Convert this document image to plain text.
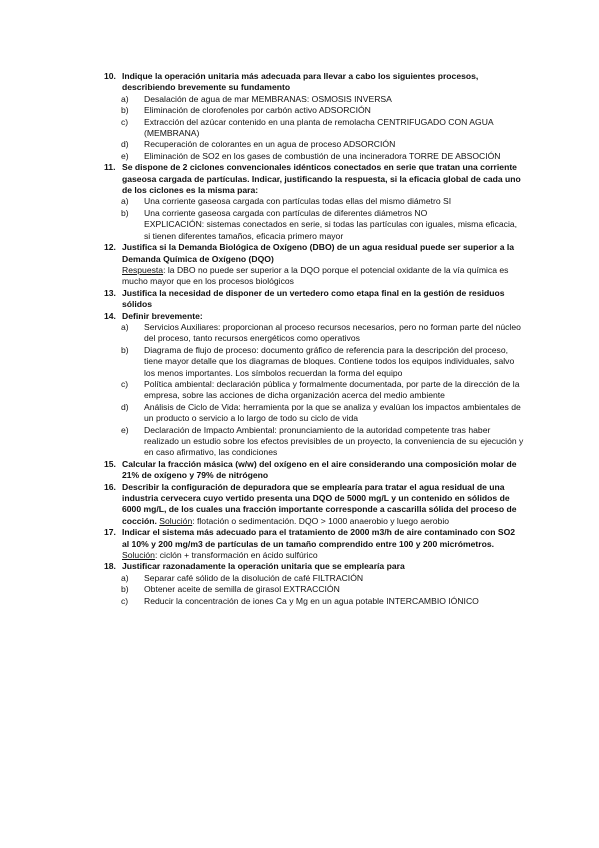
10. Indique la operación unitaria más adecuada para llevar a cabo los siguientes procesos, describiendo brevemente su fundamento
a) Desalación de agua de mar MEMBRANAS: OSMOSIS INVERSA
b) Eliminación de clorofenoles por carbón activo ADSORCIÓN
c) Extracción del azúcar contenido en una planta de remolacha CENTRIFUGADO CON AGUA (MEMBRANA)
d) Recuperación de colorantes en un agua de proceso ADSORCIÓN
e) Eliminación de SO2 en los gases de combustión de una incineradora TORRE DE ABSOCIÓN
11. Se dispone de 2 ciclones convencionales idénticos conectados en serie que tratan una corriente gaseosa cargada de partículas. Indicar, justificando la respuesta, si la eficacia global de cada uno de los ciclones es la misma para:
a) Una corriente gaseosa cargada con partículas todas ellas del mismo diámetro SI
b) Una corriente gaseosa cargada con partículas de diferentes diámetros NO
EXPLICACIÓN: sistemas conectados en serie, si todas las partículas con iguales, misma eficacia, si tienen diferentes tamaños, eficacia primero mayor
12. Justifica si la Demanda Biológica de Oxígeno (DBO) de un agua residual puede ser superior a la Demanda Química de Oxígeno (DQO)
Respuesta: la DBO no puede ser superior a la DQO porque el potencial oxidante de la vía química es mucho mayor que en los procesos biológicos
13. Justifica la necesidad de disponer de un vertedero como etapa final en la gestión de residuos sólidos
14. Definir brevemente:
a) Servicios Auxiliares: proporcionan al proceso recursos necesarios, pero no forman parte del núcleo del proceso, tanto recursos energéticos como operativos
b) Diagrama de flujo de proceso: documento gráfico de referencia para la descripción del proceso, tiene mayor detalle que los diagramas de bloques. Contiene todos los equipos individuales, salvo los menos importantes. Los símbolos recuerdan la forma del equipo
c) Política ambiental: declaración pública y formalmente documentada, por parte de la dirección de la empresa, sobre las acciones de dicha organización acerca del medio ambiente
d) Análisis de Ciclo de Vida: herramienta por la que se analiza y evalúan los impactos ambientales de un producto o servicio a lo largo de todo su ciclo de vida
e) Declaración de Impacto Ambiental: pronunciamiento de la autoridad competente tras haber realizado un estudio sobre los efectos previsibles de un proyecto, la conveniencia de su ejecución y en caso afirmativo, las condiciones
15. Calcular la fracción másica (w/w) del oxígeno en el aire considerando una composición molar de 21% de oxígeno y 79% de nitrógeno
16. Describir la configuración de depuradora que se emplearía para tratar el agua residual de una industria cervecera cuyo vertido presenta una DQO de 5000 mg/L y un contenido en sólidos de 6000 mg/L, de los cuales una fracción importante corresponde a cascarilla sólida del proceso de cocción. Solución: flotación o sedimentación. DQO > 1000 anaerobio y luego aerobio
17. Indicar el sistema más adecuado para el tratamiento de 2000 m3/h de aire contaminado con SO2 al 10% y 200 mg/m3 de partículas de un tamaño comprendido entre 100 y 200 micrómetros. Solución: ciclón + transformación en ácido sulfúrico
18. Justificar razonadamente la operación unitaria que se emplearía para
a) Separar café sólido de la disolución de café FILTRACIÓN
b) Obtener aceite de semilla de girasol EXTRACCIÓN
c) Reducir la concentración de iones Ca y Mg en un agua potable INTERCAMBIO IÓNICO
